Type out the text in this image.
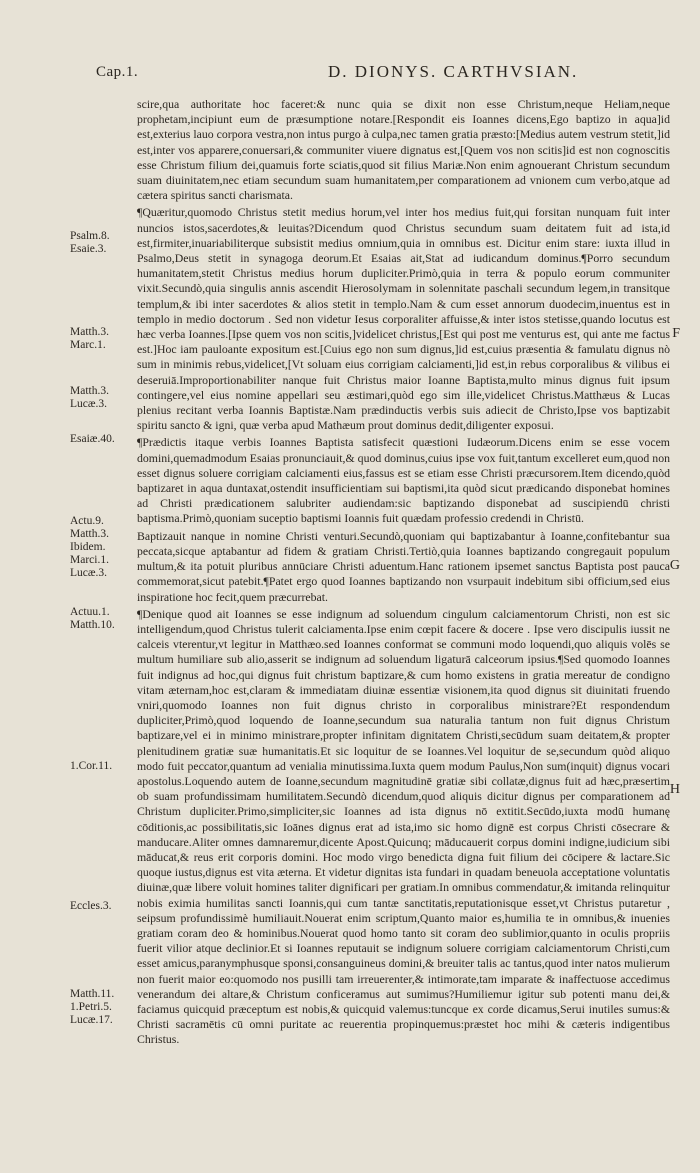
Cap.1.	D. DIONYS. CARTHVSIAN.
Psalm.8.
Esaie.3.
Matth.3.
Marc.1.
Matth.3.
Lucæ.3.
Esaiæ.40.
Actu.9.
Matth.3.
Ibidem.
Marci.1.
Lucæ.3.
Actuu.1.
Matth.10.
1.Cor.11.
Eccles.3.
Matth.11.
1.Petri.5.
Lucæ.17.
F
G
H

scire,qua authoritate hoc faceret:& nunc quia se dixit non esse Christum,neque Heliam,neque prophetam,incipiunt eum de præsumptione notare.[Respondit eis Ioannes dicens,Ego baptizo in aqua]id est,exterius lauo corpora vestra,non intus purgo à culpa,nec tamen gratia præsto:[Medius autem vestrum stetit,]id est,inter vos apparere,conuersari,& communiter viuere dignatus est,[Quem vos non scitis]id est non cognoscitis esse Christum filium dei,quamuis forte sciatis,quod sit filius Mariæ.Non enim agnouerant Christum secundum suam diuinitatem,nec etiam secundum suam humanitatem,per comparationem ad vnionem cum verbo,atque ad cætera spiritus sancti charismata.

¶Quæritur,quomodo Christus stetit medius horum,vel inter hos medius fuit,qui forsitan nunquam fuit inter nuncios istos,sacerdotes,& leuitas?Dicendum quod Christus secundum suam deitatem fuit ad ista,id est,firmiter,inuariabiliterque subsistit medius omnium,quia in omnibus est. Dicitur enim stare: iuxta illud in Psalmo,Deus stetit in synagoga deorum.Et Esaias ait,Stat ad iudicandum dominus.¶Porro secundum humanitatem,stetit Christus medius horum dupliciter.Primò,quia in terra & populo eorum communiter vixit.Secundò,quia singulis annis ascendit Hierosolymam in solennitate paschali secundum legem,in transitque templum,& ibi inter sacerdotes & alios stetit in templo.Nam & cum esset annorum duodecim,inuentus est in templo in medio doctorum . Sed non videtur Iesus corporaliter affuisse,& inter istos stetisse,quando locutus est hæc verba Ioannes.[Ipse quem vos non scitis,]videlicet christus,[Est qui post me venturus est, qui ante me factus est.]Hoc iam pauloante expositum est.[Cuius ego non sum dignus,]id est,cuius præsentia & famulatu dignus nò sum in minimis rebus,videlicet,[Vt soluam eius corrigiam calciamenti,]id est,in rebus corporalibus & vilibus ei deseruiā.Improportionabiliter nanque fuit Christus maior Ioanne Baptista,multo minus dignus fuit ipsum contingere,vel eius nomine appellari seu æstimari,quòd ego sim ille,videlicet Christus.Matthæus & Lucas plenius recitant verba Ioannis Baptistæ.Nam prædinductis verbis suis adiecit de Christo,Ipse vos baptizabit spiritu sancto & igni, quæ verba apud Mathæum prout dominus dedit,diligenter exposui.

¶Prædictis itaque verbis Ioannes Baptista satisfecit quæstioni Iudæorum.Dicens enim se esse vocem domini,quemadmodum Esaias pronunciauit,& quod dominus,cuius ipse vox fuit,tantum excelleret eum,quod non esset dignus soluere corrigiam calciamenti eius,fassus est se etiam esse Christi præcursorem.Item dicendo,quòd baptizaret in aqua duntaxat,ostendit insufficientiam sui baptismi,ita quòd sicut prædicando disponebat homines ad Christi prædicationem salubriter audiendam:sic baptizando disponebat ad suscipiendū christi baptisma.Primò,quoniam suceptio baptismi Ioannis fuit quædam professio credendi in Christū.

Baptizauit nanque in nomine Christi venturi.Secundò,quoniam qui baptizabantur à Ioanne,confitebantur sua peccata,sicque aptabantur ad fidem & gratiam Christi.Tertiò,quia Ioannes baptizando congregauit populum multum,& ita potuit pluribus annūciare Christi aduentum.Hanc rationem ipsemet sanctus Baptista post pauca commemorat,sicut patebit.¶Patet ergo quod Ioannes baptizando non vsurpauit indebitum sibi officium,sed eius inspiratione hoc fecit,quem præcurrebat.

¶Denique quod ait Ioannes se esse indignum ad soluendum cingulum calciamentorum Christi, non est sic intelligendum,quod Christus tulerit calciamenta.Ipse enim cœpit facere & docere . Ipse vero discipulis iussit ne calceis vterentur,vt legitur in Matthæo.sed Ioannes conformat se communi modo loquendi,quo aliquis volēs se multum humiliare sub alio,asserit se indignum ad soluendum ligaturā calceorum ipsius.¶Sed quomodo Ioannes fuit indignus ad hoc,qui dignus fuit christum baptizare,& cum homo existens in gratia mereatur de condigno vitam æternam,hoc est,claram & immediatam diuinæ essentiæ visionem,ita quod dignus sit diuinitati fruendo vniri,quomodo Ioannes non fuit dignus christo in corporalibus ministrare?Et respondendum dupliciter,Primò,quod loquendo de Ioanne,secundum sua naturalia tantum non fuit dignus Christum baptizare,vel ei in minimo ministrare,propter infinitam dignitatem Christi,secūdum suam deitatem,& propter plenitudinem gratiæ suæ humanitatis.Et sic loquitur de se Ioannes.Vel loquitur de se,secundum quòd aliquo modo fuit peccator,quantum ad venialia minutissima.Iuxta quem modum Paulus,Non sum(inquit) dignus vocari apostolus.Loquendo autem de Ioanne,secundum magnitudinē gratiæ sibi collatæ,dignus fuit ad hæc,præsertim ob suam profundissimam humilitatem.Secundò dicendum,quod aliquis dicitur dignus per comparationem ad Christum dupliciter.Primo,simpliciter,sic Ioannes ad ista dignus nō extitit.Secūdo,iuxta modū humanę cōditionis,ac possibilitatis,sic Ioānes dignus erat ad ista,imo sic homo dignē est corpus Christi cōsecrare & manducare.Aliter omnes damnaremur,dicente Apost.Quicunq; māducauerit corpus domini indigne,iudicium sibi māducat,& reus erit corporis domini. Hoc modo virgo benedicta digna fuit filium dei cōcipere & lactare.Sic quoque iustus,dignus est vita æterna. Et videtur dignitas ista fundari in quadam beneuola acceptatione voluntatis diuinæ,quæ libere voluit homines taliter dignificari per gratiam.In omnibus commendatur,& imitanda relinquitur nobis eximia humilitas sancti Ioannis,qui cum tantæ sanctitatis,reputationisque esset,vt Christus putaretur , seipsum profundissimè humiliauit.Nouerat enim scriptum,Quanto maior es,humilia te in omnibus,& inuenies gratiam coram deo & hominibus.Nouerat quod homo tanto sit coram deo sublimior,quanto in oculis propriis fuerit vilior atque declinior.Et si Ioannes reputauit se indignum soluere corrigiam calciamentorum Christi,cum esset amicus,paranymphusque sponsi,consanguineus domini,& breuiter talis ac tantus,quod inter natos mulierum non fuerit maior eo:quomodo nos pusilli tam irreuerenter,& intimorate,tam imparate & inaffectuose accedimus venerandum dei altare,& Christum conficeramus aut sumimus?Humiliemur igitur sub potenti manu dei,& faciamus quicquid præceptum est nobis,& quicquid valemus:tuncque ex corde dicamus,Serui inutiles sumus:& Christi sacramētis cū omni puritate ac reuerentia propinquemus:præstet hoc mihi & cæteris indigentibus Christus.
